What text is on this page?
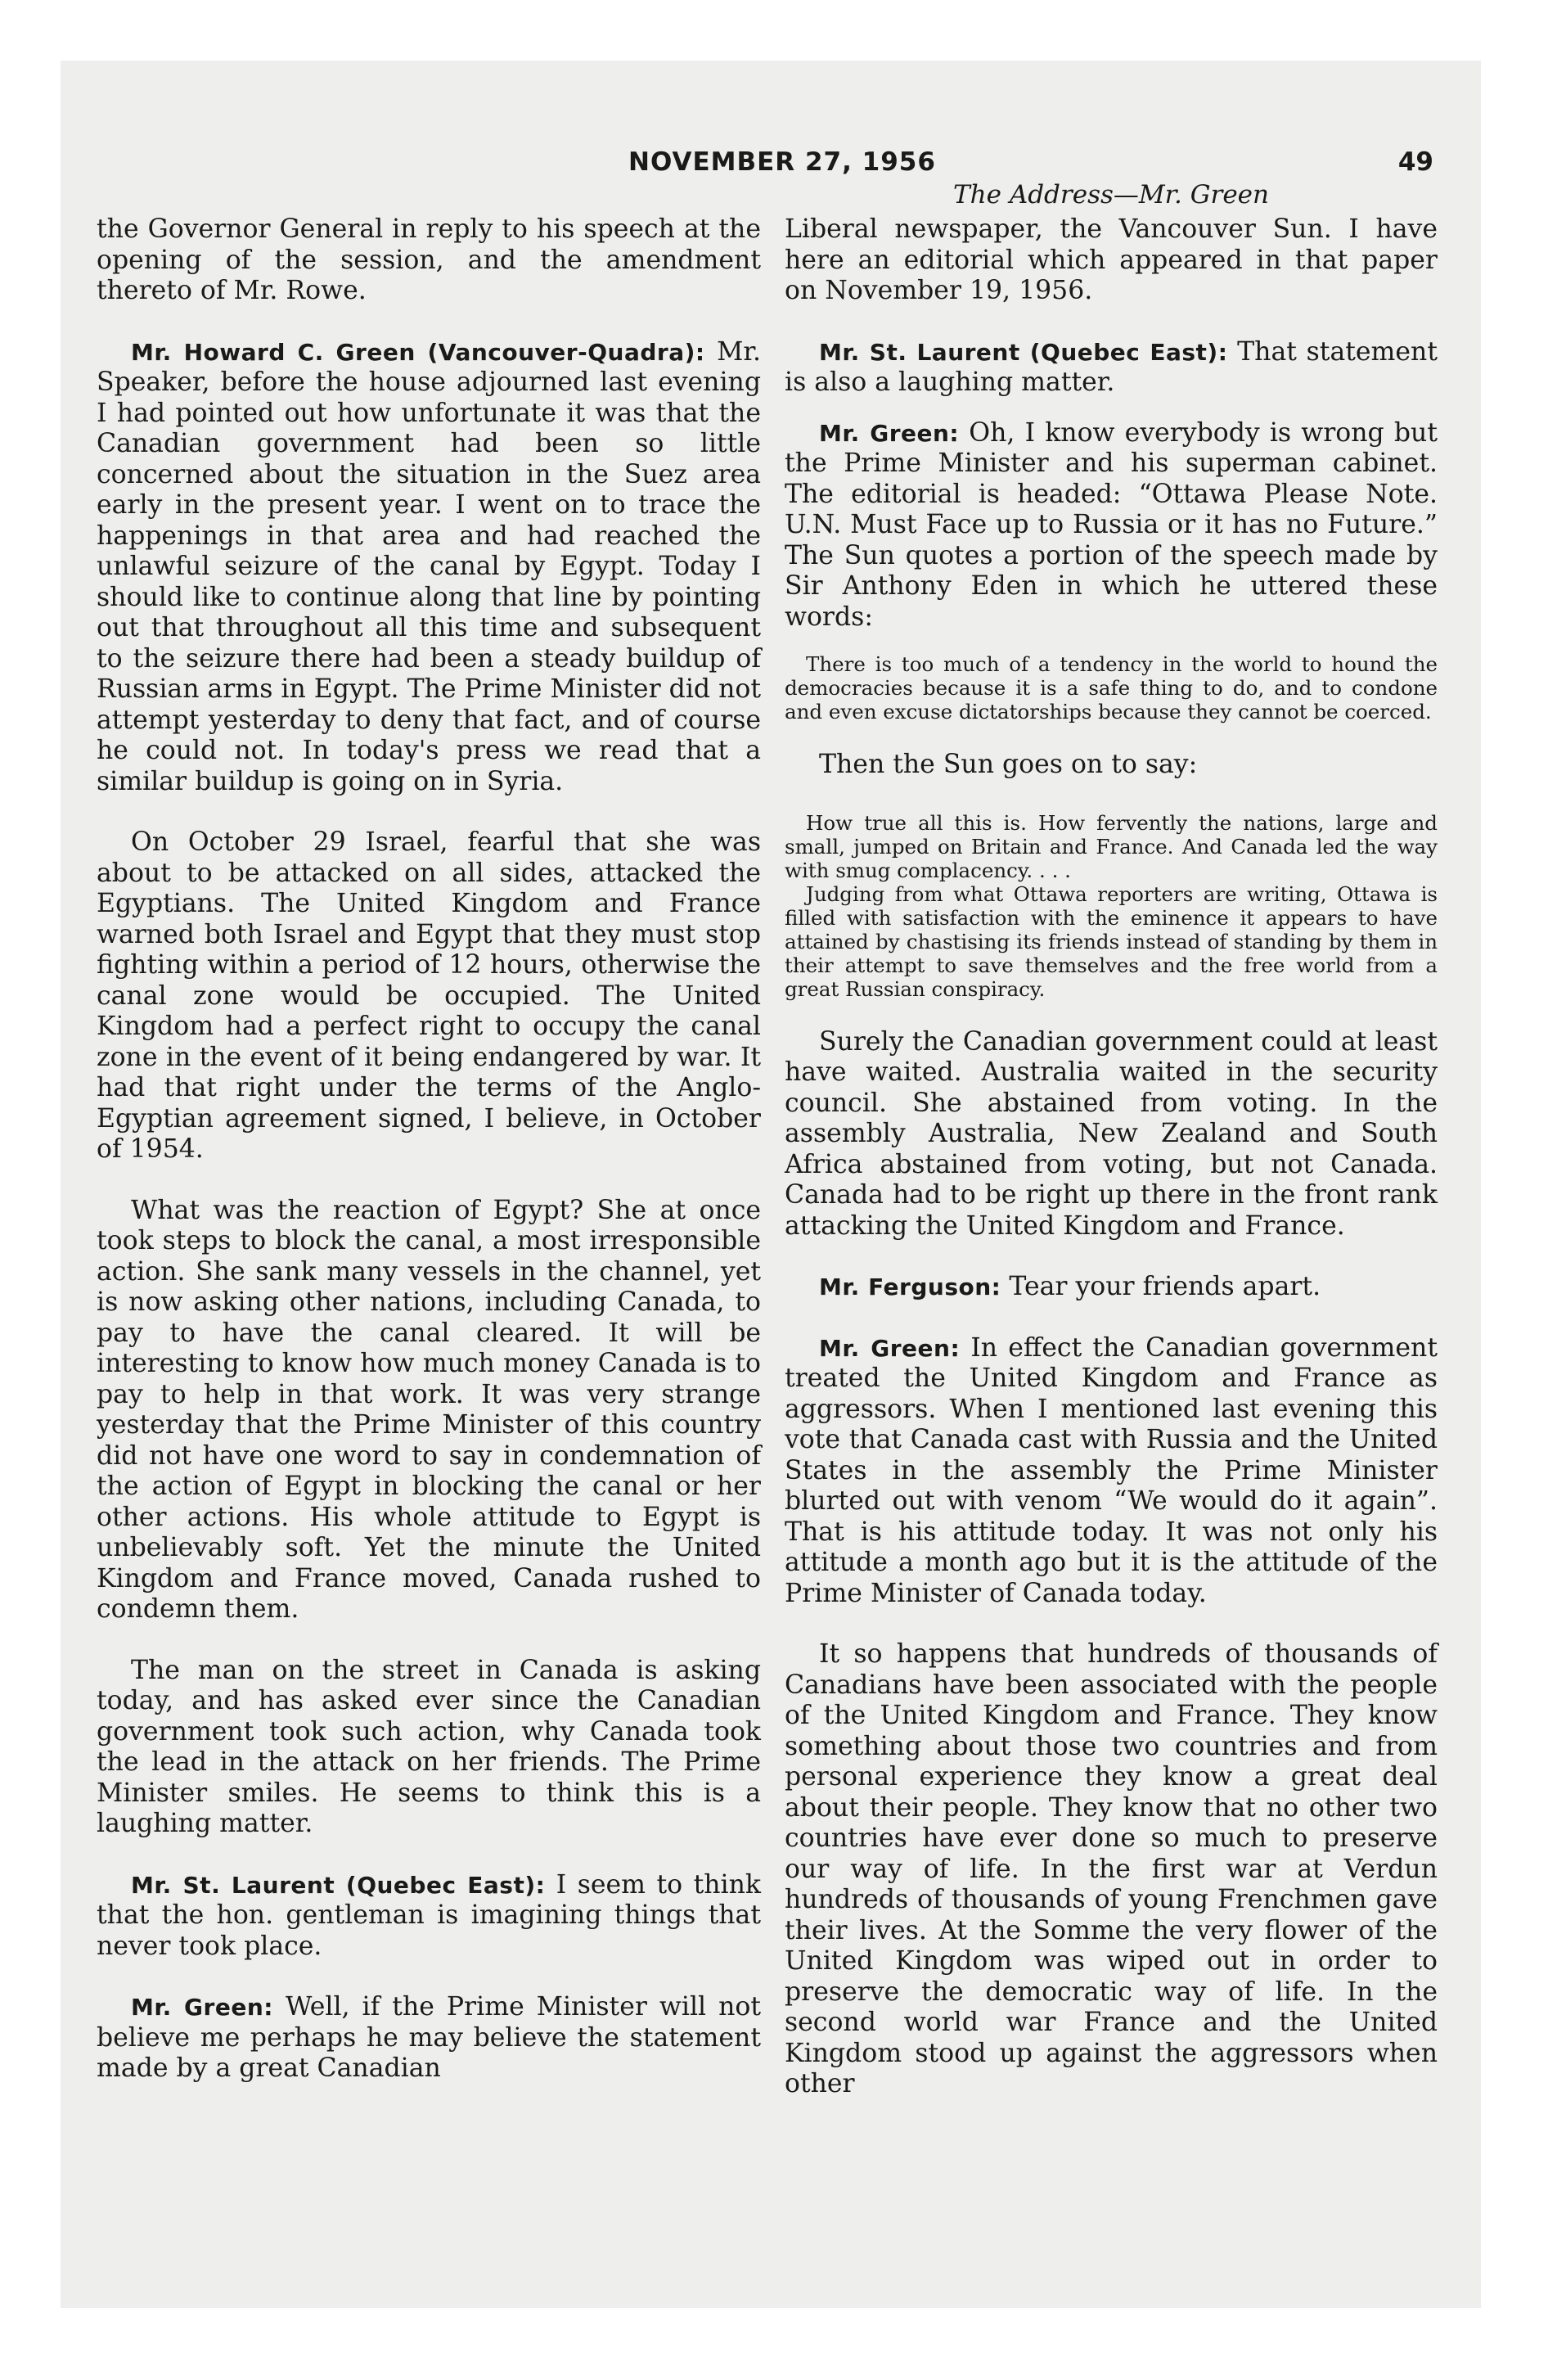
NOVEMBER 27, 1956	49
The Address—Mr. Green

the Governor General in reply to his speech at the opening of the session, and the amendment thereto of Mr. Rowe.

Mr. Howard C. Green (Vancouver-Quadra): Mr. Speaker, before the house adjourned last evening I had pointed out how unfortunate it was that the Canadian government had been so little concerned about the situation in the Suez area early in the present year. I went on to trace the happenings in that area and had reached the unlawful seizure of the canal by Egypt. Today I should like to continue along that line by pointing out that throughout all this time and subsequent to the seizure there had been a steady buildup of Russian arms in Egypt. The Prime Minister did not attempt yesterday to deny that fact, and of course he could not. In today's press we read that a similar buildup is going on in Syria.

On October 29 Israel, fearful that she was about to be attacked on all sides, attacked the Egyptians. The United Kingdom and France warned both Israel and Egypt that they must stop fighting within a period of 12 hours, otherwise the canal zone would be occupied. The United Kingdom had a perfect right to occupy the canal zone in the event of it being endangered by war. It had that right under the terms of the Anglo-Egyptian agreement signed, I believe, in October of 1954.

What was the reaction of Egypt? She at once took steps to block the canal, a most irresponsible action. She sank many vessels in the channel, yet is now asking other nations, including Canada, to pay to have the canal cleared. It will be interesting to know how much money Canada is to pay to help in that work. It was very strange yesterday that the Prime Minister of this country did not have one word to say in condemnation of the action of Egypt in blocking the canal or her other actions. His whole attitude to Egypt is unbelievably soft. Yet the minute the United Kingdom and France moved, Canada rushed to condemn them.

The man on the street in Canada is asking today, and has asked ever since the Canadian government took such action, why Canada took the lead in the attack on her friends. The Prime Minister smiles. He seems to think this is a laughing matter.

Mr. St. Laurent (Quebec East): I seem to think that the hon. gentleman is imagining things that never took place.

Mr. Green: Well, if the Prime Minister will not believe me perhaps he may believe the statement made by a great Canadian

Liberal newspaper, the Vancouver Sun. I have here an editorial which appeared in that paper on November 19, 1956.

Mr. St. Laurent (Quebec East): That statement is also a laughing matter.

Mr. Green: Oh, I know everybody is wrong but the Prime Minister and his superman cabinet. The editorial is headed: “Ottawa Please Note. U.N. Must Face up to Russia or it has no Future.” The Sun quotes a portion of the speech made by Sir Anthony Eden in which he uttered these words:

There is too much of a tendency in the world to hound the democracies because it is a safe thing to do, and to condone and even excuse dictatorships because they cannot be coerced.

Then the Sun goes on to say:

How true all this is. How fervently the nations, large and small, jumped on Britain and France. And Canada led the way with smug complacency. . . .

Judging from what Ottawa reporters are writing, Ottawa is filled with satisfaction with the eminence it appears to have attained by chastising its friends instead of standing by them in their attempt to save themselves and the free world from a great Russian conspiracy.

Surely the Canadian government could at least have waited. Australia waited in the security council. She abstained from voting. In the assembly Australia, New Zealand and South Africa abstained from voting, but not Canada. Canada had to be right up there in the front rank attacking the United Kingdom and France.

Mr. Ferguson: Tear your friends apart.

Mr. Green: In effect the Canadian government treated the United Kingdom and France as aggressors. When I mentioned last evening this vote that Canada cast with Russia and the United States in the assembly the Prime Minister blurted out with venom “We would do it again”. That is his attitude today. It was not only his attitude a month ago but it is the attitude of the Prime Minister of Canada today.

It so happens that hundreds of thousands of Canadians have been associated with the people of the United Kingdom and France. They know something about those two countries and from personal experience they know a great deal about their people. They know that no other two countries have ever done so much to preserve our way of life. In the first war at Verdun hundreds of thousands of young Frenchmen gave their lives. At the Somme the very flower of the United Kingdom was wiped out in order to preserve the democratic way of life. In the second world war France and the United Kingdom stood up against the aggressors when other
